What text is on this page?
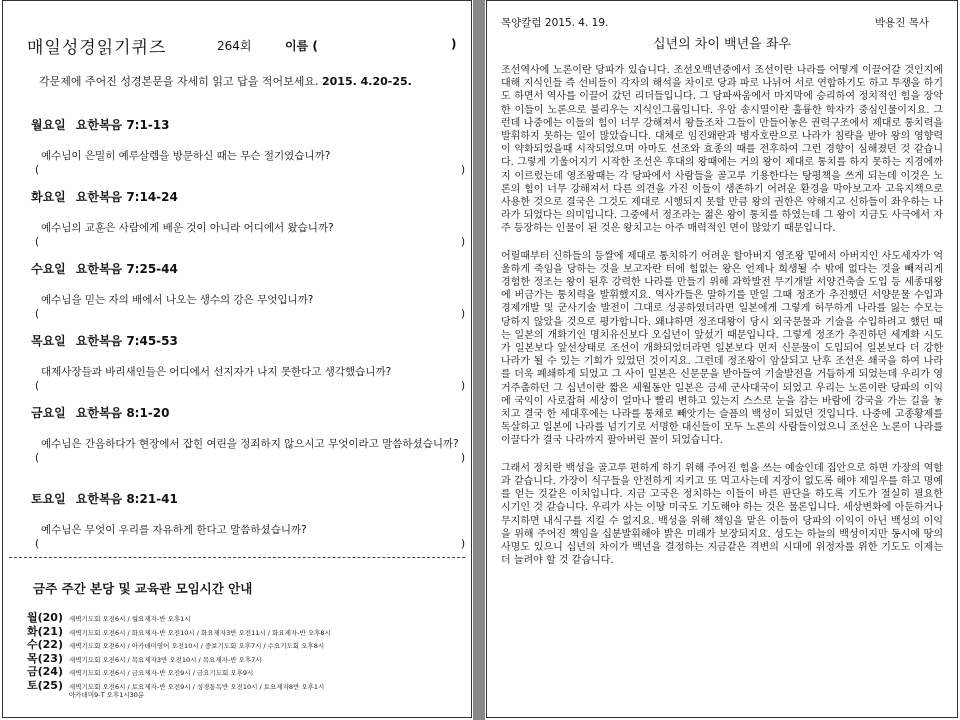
매일성경읽기퀴즈	264회	이름 (	)
각문제에 주어진 성경본문을 자세히 읽고 답을 적어보세요. 2015. 4.20-25.
월요일 요한복음 7:1-13
예수님이 은밀히 예루살렘을 방문하신 때는 무슨 절기였습니까?
(	)
화요일 요한복음 7:14-24
예수님의 교훈은 사람에게 배운 것이 아니라 어디에서 왔습니까?
(	)
수요일 요한복음 7:25-44
예수님을 믿는 자의 배에서 나오는 생수의 강은 무엇입니까?
(	)
목요일 요한복음 7:45-53
대제사장들과 바리새인들은 어디에서 선지자가 나지 못한다고 생각했습니까?
(	)
금요일 요한복음 8:1-20
예수님은 간음하다가 현장에서 잡힌 여린을 정죄하지 않으시고 무엇이라고 말씀하셨습니까?
(	)
토요일 요한복음 8:21-41
예수님은 무엇이 우리를 자유하게 한다고 말씀하셨습니까?
(	)
금주 주간 본당 및 교육관 모임시간 안내
월(20) 새벽기도회 오전6시 / 월요제자-반 오후1시
화(21) 새벽기도회 오전6시 / 화요제자-반 오전10시 / 화요제자3반 오전11시 / 화요제자-반 오후8시
수(22) 새벽기도회 오전6시 / 아카데미영어 오전10시 / 중보기도회 오후7시 / 수요기도회 오후8시
목(23) 새벽기도회 오전6시 / 목요제자3반 오전10시 / 목요제자-반 오후7시
금(24) 새벽기도회 오전6시 / 금요제자-반 오전9시 / 금요기도회 오후9시
토(25) 새벽기도회 오전6시 / 토요제자-반 오전9시 / 성경통독반 오전10시 / 토요제자8반 오후1시
아카데미9-T 오후1시30분
목양칼럼 2015. 4. 19.	박용진 목사
십년의 차이 백년을 좌우

조선역사에 노론이란 당파가 있습니다. 조선오백년중에서 조선이란 나라를 어떻게 이끌어갈 것인지에 대해 지식인들 즉 선비들이 각자의 해석을 차이로 당과 파로 나뉘어 서로 연합하기도 하고 투쟁을 하기도 하면서 역사를 이끌어 갔던 리더들입니다. 그 당파싸움에서 마지막에 승리하여 정치적인 힘을 장악한 이들이 노론으로 불리우는 지식인그룹입니다. 우암 송시열이란 훌륭한 학자가 중심인물이지요. 그런데 나중에는 이들의 힘이 너무 강해져서 왕들조차 그들이 만들어놓은 권력구조에서 제대로 통치력을 발휘하지 못하는 일이 많았습니다. 대체로 임진왜란과 병자호란으로 나라가 침략을 받아 왕의 영향력이 약화되었을때 시작되었으며 아마도 선조와 효종의 때를 전후하여 그런 경향이 심해졌던 것 같습니다. 그렇게 기울어지기 시작한 조선은 후대의 왕때에는 거의 왕이 제대로 통치를 하지 못하는 지경에까지 이르렀는데 영조왕때는 각 당파에서 사람들을 골고루 기용한다는 탕평책을 쓰게 되는데 이것은 노론의 힘이 너무 강해져서 다른 의견을 가진 이들이 생존하기 어려운 환경을 막아보고자 고육지책으로 사용한 것으로 결국은 그것도 제대로 시행되지 못할 만큼 왕의 권한은 약해지고 신하들이 좌우하는 나라가 되었다는 의미입니다. 그중에서 정조라는 젊은 왕이 통치를 하였는데 그 왕이 지금도 사극에서 자주 등장하는 인물이 된 것은 왕치고는 아주 매력적인 면이 많았기 때문입니다.

어릴때부터 신하들의 등쌀에 제대로 통치하기 어려운 할아버지 영조왕 밑에서 아버지인 사도세자가 억울하게 죽임을 당하는 것을 보고자란 터에 힘없는 왕은 언제나 희생될 수 밖에 없다는 것을 빼저리게 경험한 정조는 왕이 된후 강력한 나라를 만들기 위해 과학발전 무기개발 서양건축술 도입 등 세종대왕에 버금가는 통치력을 발휘했지요. 역사가들은 말하기를 만일 그때 정조가 추진했던 서양문물 수입과 경제개발 및 군사기술 발전이 그대로 성공하였더라면 일본에게 그렇게 허무하게 나라를 잃는 수모는 당하지 않았을 것으로 평가합니다. 왜냐하면 정조대왕이 당시 외국문물과 기술을 수입하려고 했던 때는 일본의 개화기인 명치유신보다 오십년이 앞섰기 때문입니다. 그렇게 정조가 추진하던 세계화 시도가 일본보다 앞선상태로 조선이 개화되었더라면 일본보다 먼저 신문물이 도입되어 일본보다 더 강한 나라가 될 수 있는 기회가 있었던 것이지요. 그런데 정조왕이 암살되고 난후 조선은 쇄국을 하여 나라를 더욱 폐쇄하게 되었고 그 사이 일본은 신문문을 받아들여 기술발전을 거듭하게 되었는데 우리가 영거주춤하던 그 십년이란 짧은 세월동안 일본은 금세 군사대국이 되었고 우리는 노론이란 당파의 이익에 국익이 사로잡혀 세상이 얼마나 빨리 변하고 있는지 스스로 눈을 감는 바람에 강국을 가는 길을 놓치고 결국 한 세대후에는 나라를 통채로 빼앗기는 슬픔의 백성이 되었던 것입니다. 나중에 고종황제를 독살하고 일본에 나라를 넘기기로 서명한 대신들이 모두 노론의 사람들이었으니 조선은 노론이 나라를 이끌다가 결국 나라까지 팔아버린 꼴이 되었습니다.

그래서 정치란 백성을 골고루 편하게 하기 위해 주어진 힘을 쓰는 예술인데 집안으로 하면 가장의 역할과 같습니다. 가장이 식구들을 안전하게 지키고 또 먹고사는데 지장이 없도록 해야 제일우를 하고 명예를 얻는 것같은 이치입니다. 지금 고국은 정치하는 이들이 바른 판단을 하도록 기도가 절실히 필요한 시기인 것 같습니다. 우리가 사는 이땅 미국도 기도해야 하는 것은 물론입니다. 세상변화에 아둔하거나 무지하면 내식구를 지킬 수 없지요. 백성을 위해 책임을 맡은 이들이 당파의 이익이 아닌 백성의 이익을 위해 주어진 책임을 십분발휘해야 밝은 미래가 보장되지요. 성도는 하늘의 백성이지만 동시에 땅의 사명도 있으니 십년의 차이가 백년을 결정하는 지금같은 격변의 시대에 위정자를 위한 기도도 이제는 더 늘려야 할 것 같습니다.
